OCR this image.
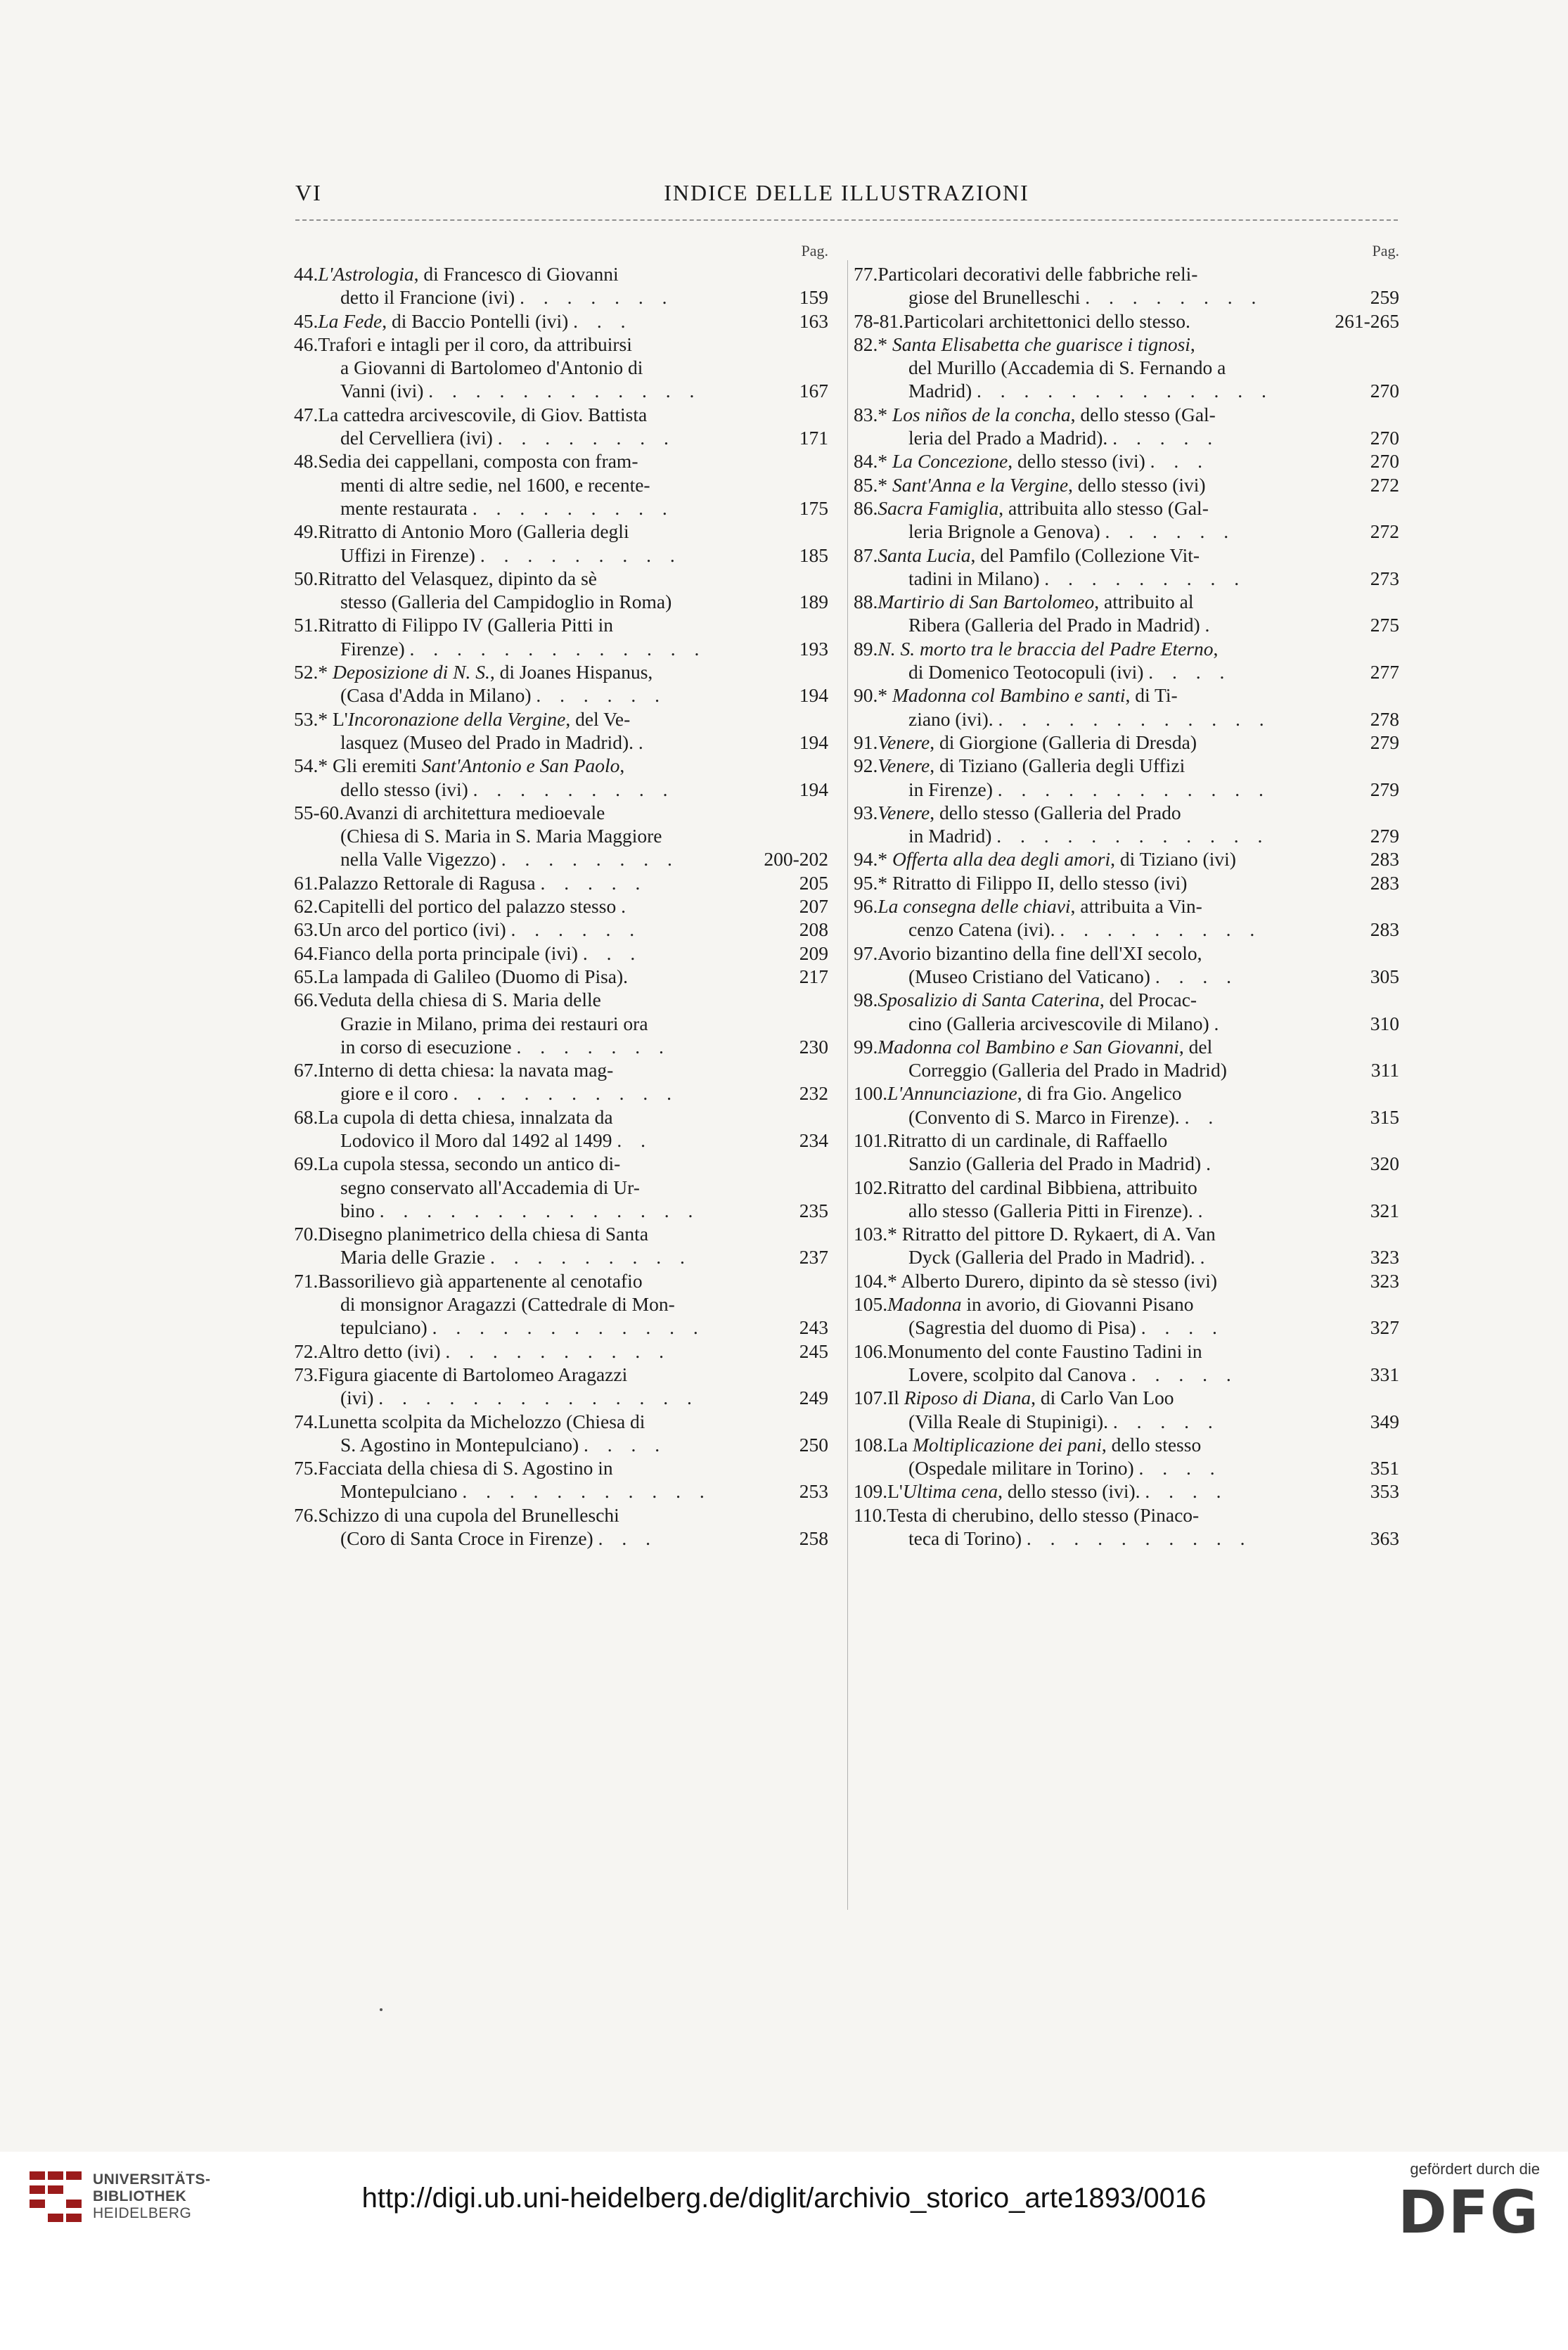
VI	INDICE DELLE ILLUSTRAZIONI
Pag.
44.L'Astrologia, di Francesco di Giovanni
detto il Francione (ivi) . . . . . . .	159
45.La Fede, di Baccio Pontelli (ivi) . . .	163
46.Trafori e intagli per il coro, da attribuirsi
a Giovanni di Bartolomeo d'Antonio di
Vanni (ivi) . . . . . . . . . . . .	167
47.La cattedra arcivescovile, di Giov. Battista
del Cervelliera (ivi) . . . . . . . .	171
48.Sedia dei cappellani, composta con fram-
menti di altre sedie, nel 1600, e recente-
mente restaurata . . . . . . . . .	175
49.Ritratto di Antonio Moro (Galleria degli
Uffizi in Firenze) . . . . . . . . .	185
50.Ritratto del Velasquez, dipinto da sè
stesso (Galleria del Campidoglio in Roma)	189
51.Ritratto di Filippo IV (Galleria Pitti in
Firenze) . . . . . . . . . . . . .	193
52.* Deposizione di N. S., di Joanes Hispanus,
(Casa d'Adda in Milano) . . . . . .	194
53.* L'Incoronazione della Vergine, del Ve-
lasquez (Museo del Prado in Madrid). .	194
54.* Gli eremiti Sant'Antonio e San Paolo,
dello stesso (ivi) . . . . . . . . .	194
55-60.Avanzi di architettura medioevale
(Chiesa di S. Maria in S. Maria Maggiore
nella Valle Vigezzo) . . . . . . . .	200-202
61.Palazzo Rettorale di Ragusa . . . . .	205
62.Capitelli del portico del palazzo stesso .	207
63.Un arco del portico (ivi) . . . . . .	208
64.Fianco della porta principale (ivi) . . .	209
65.La lampada di Galileo (Duomo di Pisa).	217
66.Veduta della chiesa di S. Maria delle
Grazie in Milano, prima dei restauri ora
in corso di esecuzione . . . . . . .	230
67.Interno di detta chiesa: la navata mag-
giore e il coro . . . . . . . . . .	232
68.La cupola di detta chiesa, innalzata da
Lodovico il Moro dal 1492 al 1499 . .	234
69.La cupola stessa, secondo un antico di-
segno conservato all'Accademia di Ur-
bino . . . . . . . . . . . . . .	235
70.Disegno planimetrico della chiesa di Santa
Maria delle Grazie . . . . . . . . .	237
71.Bassorilievo già appartenente al cenotafio
di monsignor Aragazzi (Cattedrale di Mon-
tepulciano) . . . . . . . . . . . .	243
72.Altro detto (ivi) . . . . . . . . . .	245
73.Figura giacente di Bartolomeo Aragazzi
(ivi) . . . . . . . . . . . . . .	249
74.Lunetta scolpita da Michelozzo (Chiesa di
S. Agostino in Montepulciano) . . . .	250
75.Facciata della chiesa di S. Agostino in
Montepulciano . . . . . . . . . . .	253
76.Schizzo di una cupola del Brunelleschi
(Coro di Santa Croce in Firenze) . . .	258
Pag.
77.Particolari decorativi delle fabbriche reli-
giose del Brunelleschi . . . . . . . .	259
78-81.Particolari architettonici dello stesso.	261-265
82.* Santa Elisabetta che guarisce i tignosi,
del Murillo (Accademia di S. Fernando a
Madrid) . . . . . . . . . . . . .	270
83.* Los niños de la concha, dello stesso (Gal-
leria del Prado a Madrid). . . . . .	270
84.* La Concezione, dello stesso (ivi) . . .	270
85.* Sant'Anna e la Vergine, dello stesso (ivi)	272
86.Sacra Famiglia, attribuita allo stesso (Gal-
leria Brignole a Genova) . . . . . .	272
87.Santa Lucia, del Pamfilo (Collezione Vit-
tadini in Milano) . . . . . . . . .	273
88.Martirio di San Bartolomeo, attribuito al
Ribera (Galleria del Prado in Madrid) .	275
89.N. S. morto tra le braccia del Padre Eterno,
di Domenico Teotocopuli (ivi) . . . .	277
90.* Madonna col Bambino e santi, di Ti-
ziano (ivi). . . . . . . . . . . . .	278
91.Venere, di Giorgione (Galleria di Dresda)	279
92.Venere, di Tiziano (Galleria degli Uffizi
in Firenze) . . . . . . . . . . . .	279
93.Venere, dello stesso (Galleria del Prado
in Madrid) . . . . . . . . . . . .	279
94.* Offerta alla dea degli amori, di Tiziano (ivi)	283
95.* Ritratto di Filippo II, dello stesso (ivi)	283
96.La consegna delle chiavi, attribuita a Vin-
cenzo Catena (ivi). . . . . . . . . .	283
97.Avorio bizantino della fine dell'XI secolo,
(Museo Cristiano del Vaticano) . . . .	305
98.Sposalizio di Santa Caterina, del Procac-
cino (Galleria arcivescovile di Milano) .	310
99.Madonna col Bambino e San Giovanni, del
Correggio (Galleria del Prado in Madrid)	311
100.L'Annunciazione, di fra Gio. Angelico
(Convento di S. Marco in Firenze). . .	315
101.Ritratto di un cardinale, di Raffaello
Sanzio (Galleria del Prado in Madrid) .	320
102.Ritratto del cardinal Bibbiena, attribuito
allo stesso (Galleria Pitti in Firenze). .	321
103.* Ritratto del pittore D. Rykaert, di A. Van
Dyck (Galleria del Prado in Madrid). .	323
104.* Alberto Durero, dipinto da sè stesso (ivi)	323
105.Madonna in avorio, di Giovanni Pisano
(Sagrestia del duomo di Pisa) . . . .	327
106.Monumento del conte Faustino Tadini in
Lovere, scolpito dal Canova . . . . .	331
107.Il Riposo di Diana, di Carlo Van Loo
(Villa Reale di Stupinigi). . . . . .	349
108.La Moltiplicazione dei pani, dello stesso
(Ospedale militare in Torino) . . . .	351
109.L'Ultima cena, dello stesso (ivi). . . . .	353
110.Testa di cherubino, dello stesso (Pinaco-
teca di Torino) . . . . . . . . . .	363
UNIVERSITÄTS-
BIBLIOTHEK
HEIDELBERG	http://digi.ub.uni-heidelberg.de/diglit/archivio_storico_arte1893/0016
gefördert durch die
DFG
